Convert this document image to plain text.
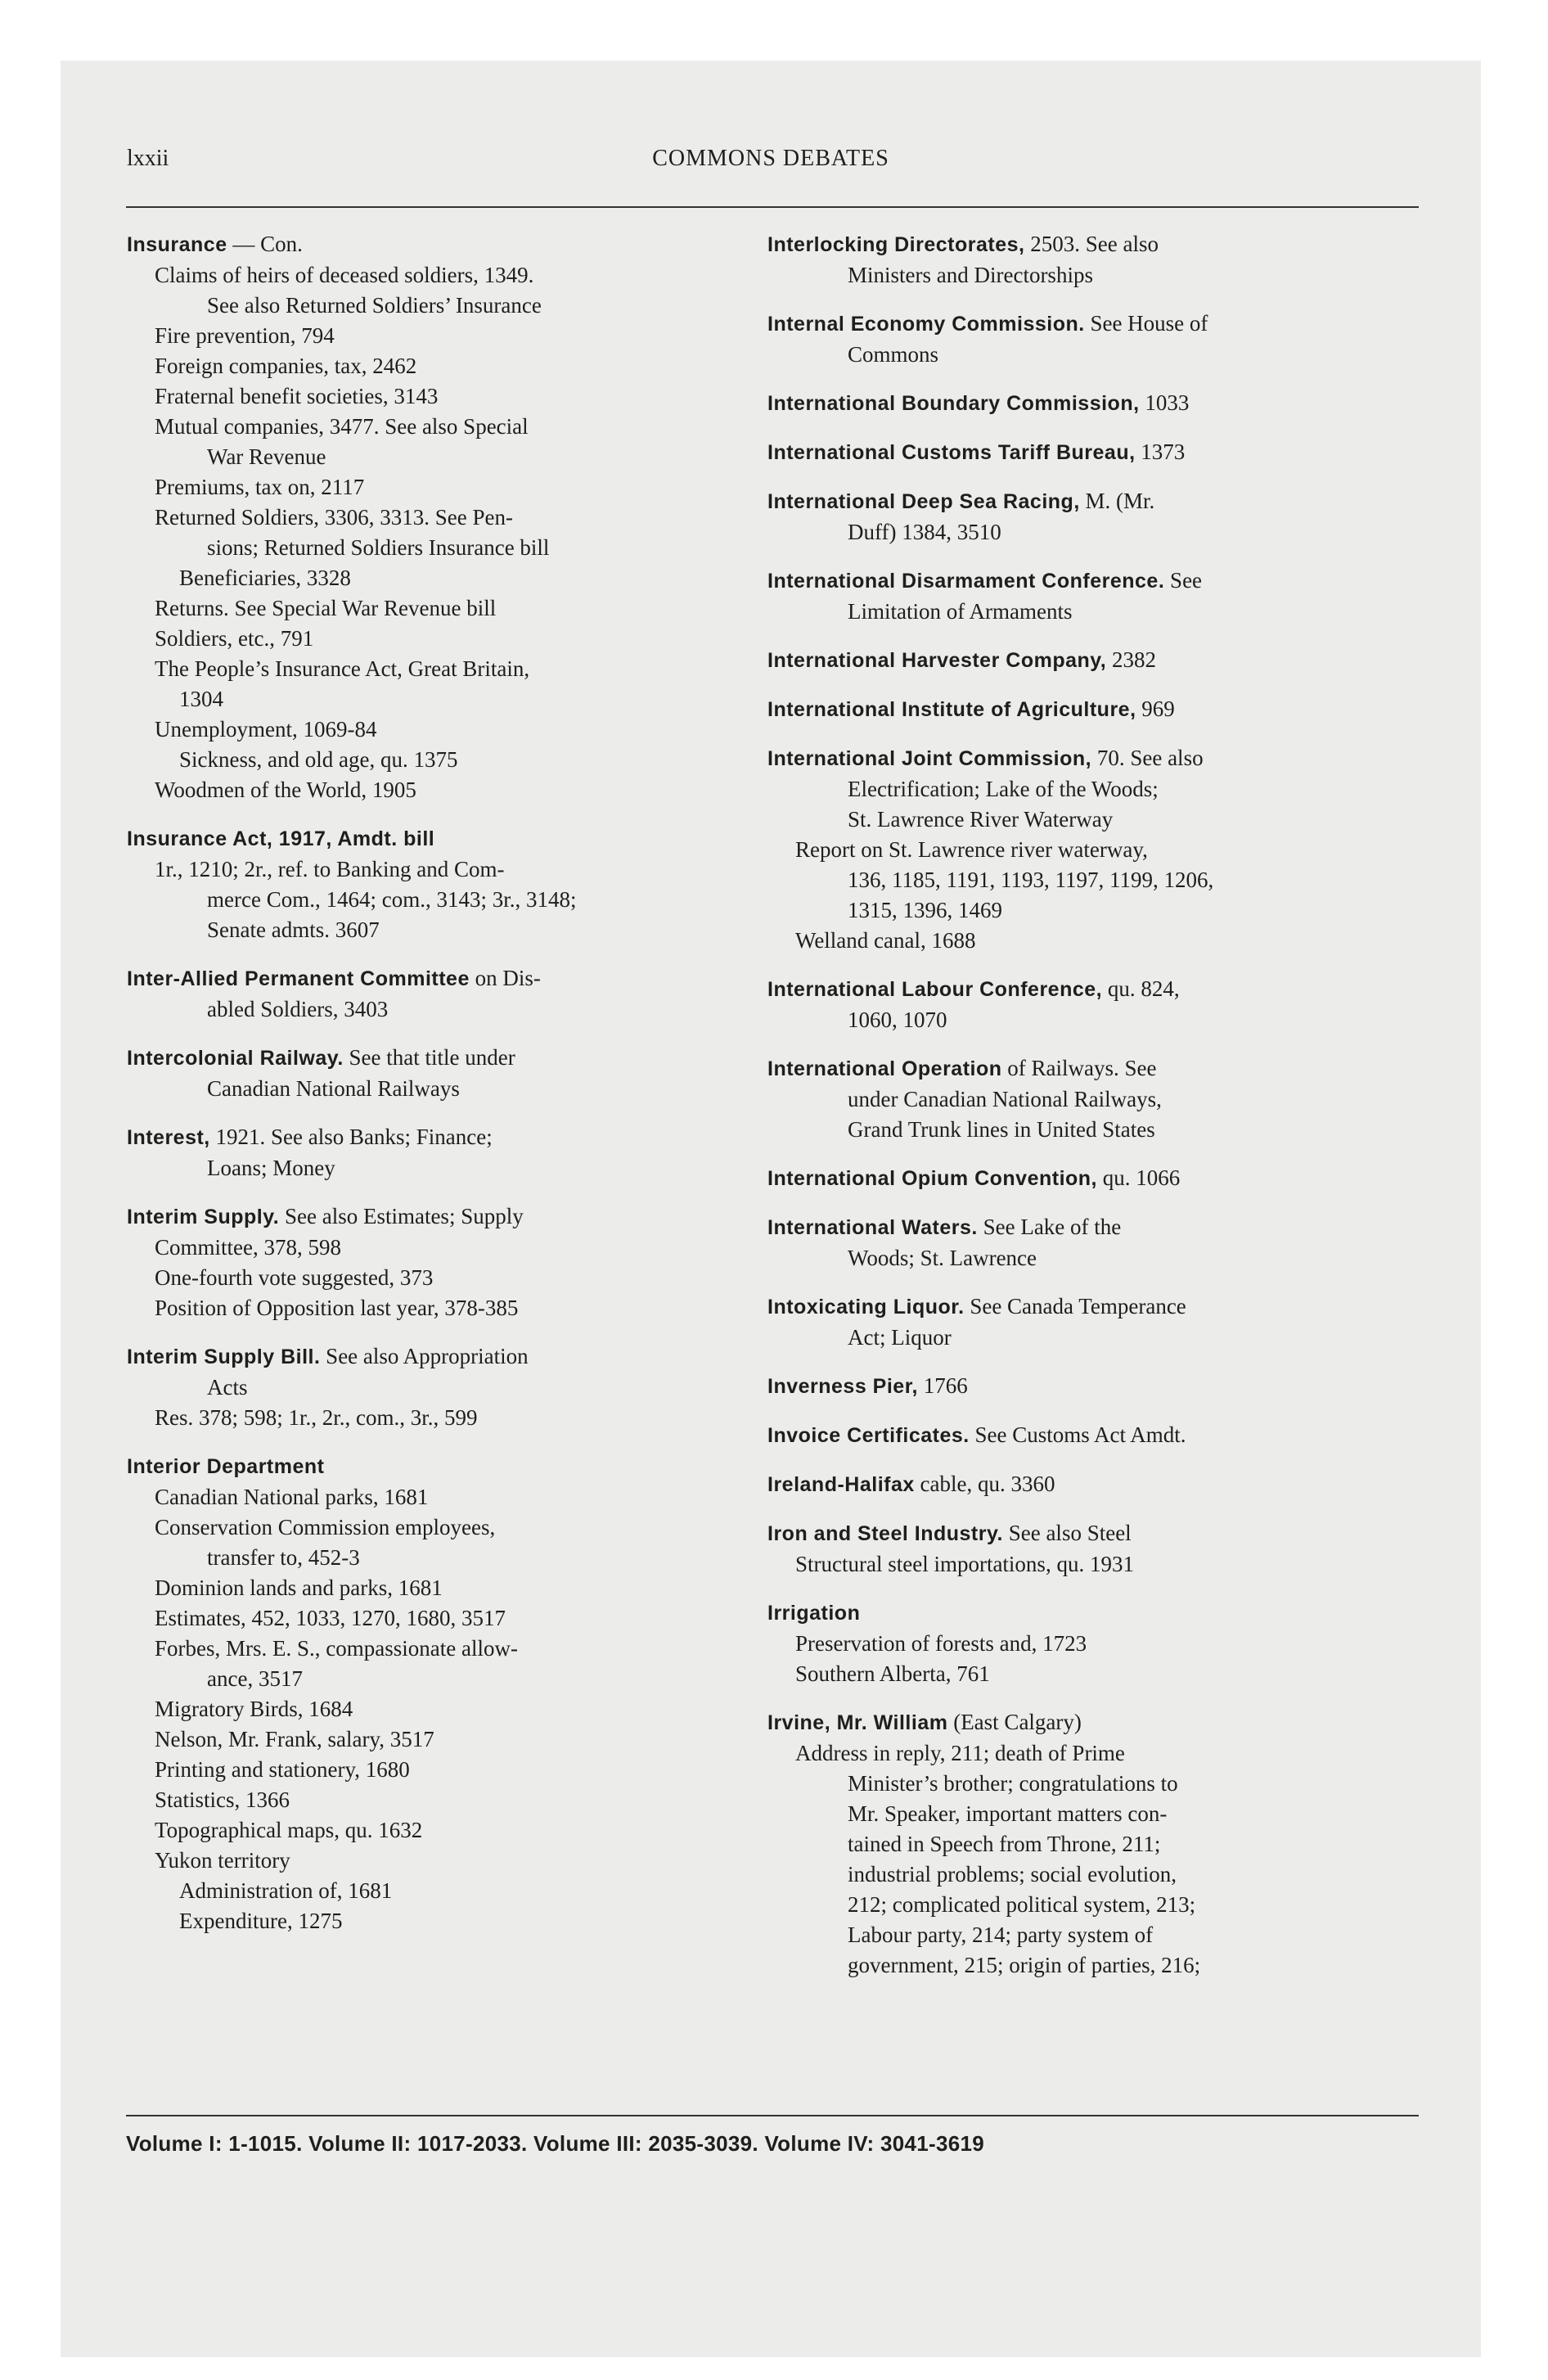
lxxii	COMMONS DEBATES
Insurance — Con.
Claims of heirs of deceased soldiers, 1349.
See also Returned Soldiers’ Insurance
Fire prevention, 794
Foreign companies, tax, 2462
Fraternal benefit societies, 3143
Mutual companies, 3477. See also Special
War Revenue
Premiums, tax on, 2117
Returned Soldiers, 3306, 3313. See Pen-
sions; Returned Soldiers Insurance bill
Beneficiaries, 3328
Returns. See Special War Revenue bill
Soldiers, etc., 791
The People’s Insurance Act, Great Britain,
1304
Unemployment, 1069-84
Sickness, and old age, qu. 1375
Woodmen of the World, 1905
Insurance Act, 1917, Amdt. bill
1r., 1210; 2r., ref. to Banking and Com-
merce Com., 1464; com., 3143; 3r., 3148;
Senate admts. 3607
Inter-Allied Permanent Committee on Dis-
abled Soldiers, 3403
Intercolonial Railway. See that title under
Canadian National Railways
Interest, 1921. See also Banks; Finance;
Loans; Money
Interim Supply. See also Estimates; Supply
Committee, 378, 598
One-fourth vote suggested, 373
Position of Opposition last year, 378-385
Interim Supply Bill. See also Appropriation
Acts
Res. 378; 598; 1r., 2r., com., 3r., 599
Interior Department
Canadian National parks, 1681
Conservation Commission employees,
transfer to, 452-3
Dominion lands and parks, 1681
Estimates, 452, 1033, 1270, 1680, 3517
Forbes, Mrs. E. S., compassionate allow-
ance, 3517
Migratory Birds, 1684
Nelson, Mr. Frank, salary, 3517
Printing and stationery, 1680
Statistics, 1366
Topographical maps, qu. 1632
Yukon territory
Administration of, 1681
Expenditure, 1275
Interlocking Directorates, 2503. See also
Ministers and Directorships
Internal Economy Commission. See House of
Commons
International Boundary Commission, 1033
International Customs Tariff Bureau, 1373
International Deep Sea Racing, M. (Mr.
Duff) 1384, 3510
International Disarmament Conference. See
Limitation of Armaments
International Harvester Company, 2382
International Institute of Agriculture, 969
International Joint Commission, 70. See also
Electrification; Lake of the Woods;
St. Lawrence River Waterway
Report on St. Lawrence river waterway,
136, 1185, 1191, 1193, 1197, 1199, 1206,
1315, 1396, 1469
Welland canal, 1688
International Labour Conference, qu. 824,
1060, 1070
International Operation of Railways. See
under Canadian National Railways,
Grand Trunk lines in United States
International Opium Convention, qu. 1066
International Waters. See Lake of the
Woods; St. Lawrence
Intoxicating Liquor. See Canada Temperance
Act; Liquor
Inverness Pier, 1766
Invoice Certificates. See Customs Act Amdt.
Ireland-Halifax cable, qu. 3360
Iron and Steel Industry. See also Steel
Structural steel importations, qu. 1931
Irrigation
Preservation of forests and, 1723
Southern Alberta, 761
Irvine, Mr. William (East Calgary)
Address in reply, 211; death of Prime
Minister’s brother; congratulations to
Mr. Speaker, important matters con-
tained in Speech from Throne, 211;
industrial problems; social evolution,
212; complicated political system, 213;
Labour party, 214; party system of
government, 215; origin of parties, 216;
Volume I: 1-1015. Volume II: 1017-2033. Volume III: 2035-3039. Volume IV: 3041-3619
